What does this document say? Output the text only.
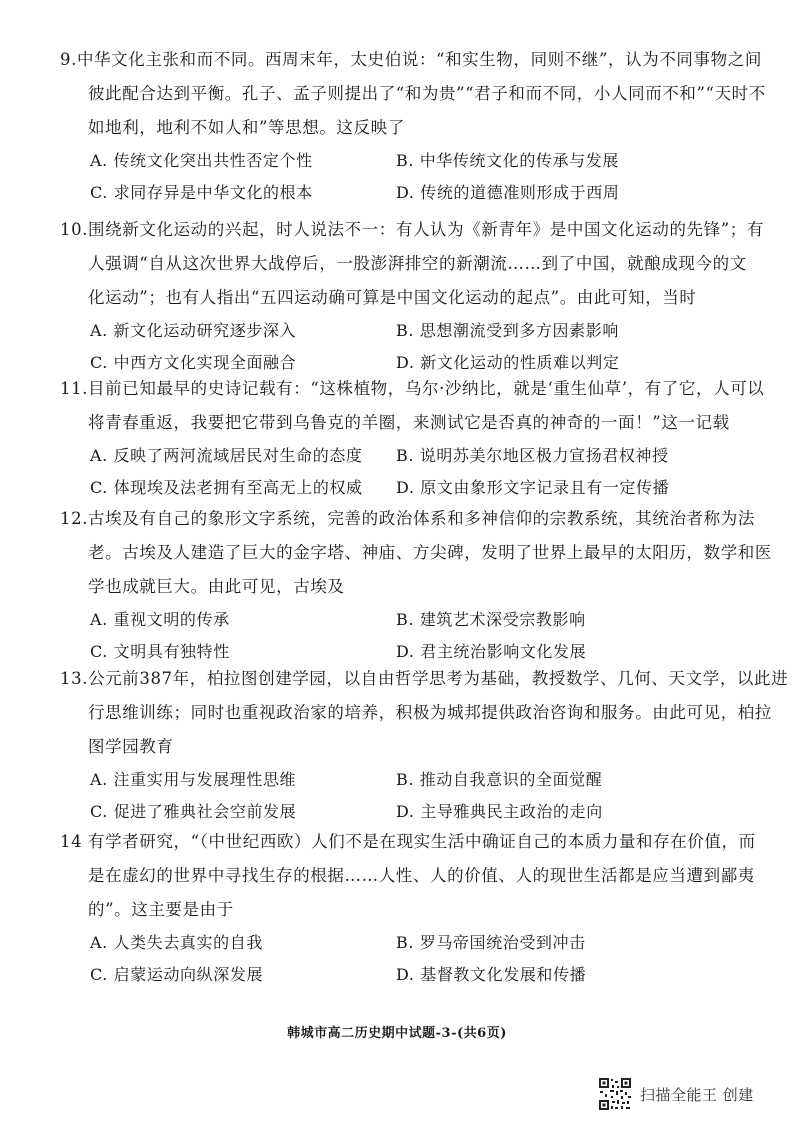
9.中华文化主张和而不同。西周末年，太史伯说：“和实生物，同则不继”，认为不同事物之间
彼此配合达到平衡。孔子、孟子则提出了“和为贵”“君子和而不同，小人同而不和”“天时不
如地利，地利不如人和”等思想。这反映了
A. 传统文化突出共性否定个性	B. 中华传统文化的传承与发展
C. 求同存异是中华文化的根本	D. 传统的道德准则形成于西周
10.围绕新文化运动的兴起，时人说法不一：有人认为《新青年》是中国文化运动的先锋”；有
人强调“自从这次世界大战停后，一股澎湃排空的新潮流……到了中国，就酿成现今的文
化运动”；也有人指出“五四运动确可算是中国文化运动的起点”。由此可知，当时
A. 新文化运动研究逐步深入	B. 思想潮流受到多方因素影响
C. 中西方文化实现全面融合	D. 新文化运动的性质难以判定
11.目前已知最早的史诗记载有：“这株植物，乌尔·沙纳比，就是‘重生仙草’，有了它，人可以
将青春重返，我要把它带到乌鲁克的羊圈，来测试它是否真的神奇的一面！”这一记载
A. 反映了两河流域居民对生命的态度 B. 说明苏美尔地区极力宣扬君权神授
C. 体现埃及法老拥有至高无上的权威 D. 原文由象形文字记录且有一定传播
12.古埃及有自己的象形文字系统，完善的政治体系和多神信仰的宗教系统，其统治者称为法
老。古埃及人建造了巨大的金字塔、神庙、方尖碑，发明了世界上最早的太阳历，数学和医
学也成就巨大。由此可见，古埃及
A. 重视文明的传承	B. 建筑艺术深受宗教影响
C. 文明具有独特性	D. 君主统治影响文化发展
13.公元前387年，柏拉图创建学园，以自由哲学思考为基础，教授数学、几何、天文学，以此进
行思维训练；同时也重视政治家的培养，积极为城邦提供政治咨询和服务。由此可见，柏拉
图学园教育
A. 注重实用与发展理性思维	B. 推动自我意识的全面觉醒
C. 促进了雅典社会空前发展	D. 主导雅典民主政治的走向
14 有学者研究，“（中世纪西欧）人们不是在现实生活中确证自己的本质力量和存在价值，而
是在虚幻的世界中寻找生存的根据……人性、人的价值、人的现世生活都是应当遭到鄙夷
的”。这主要是由于
A. 人类失去真实的自我	B. 罗马帝国统治受到冲击
C. 启蒙运动向纵深发展	D. 基督教文化发展和传播
韩城市高二历史期中试题-3-(共6页)
扫描全能王 创建
